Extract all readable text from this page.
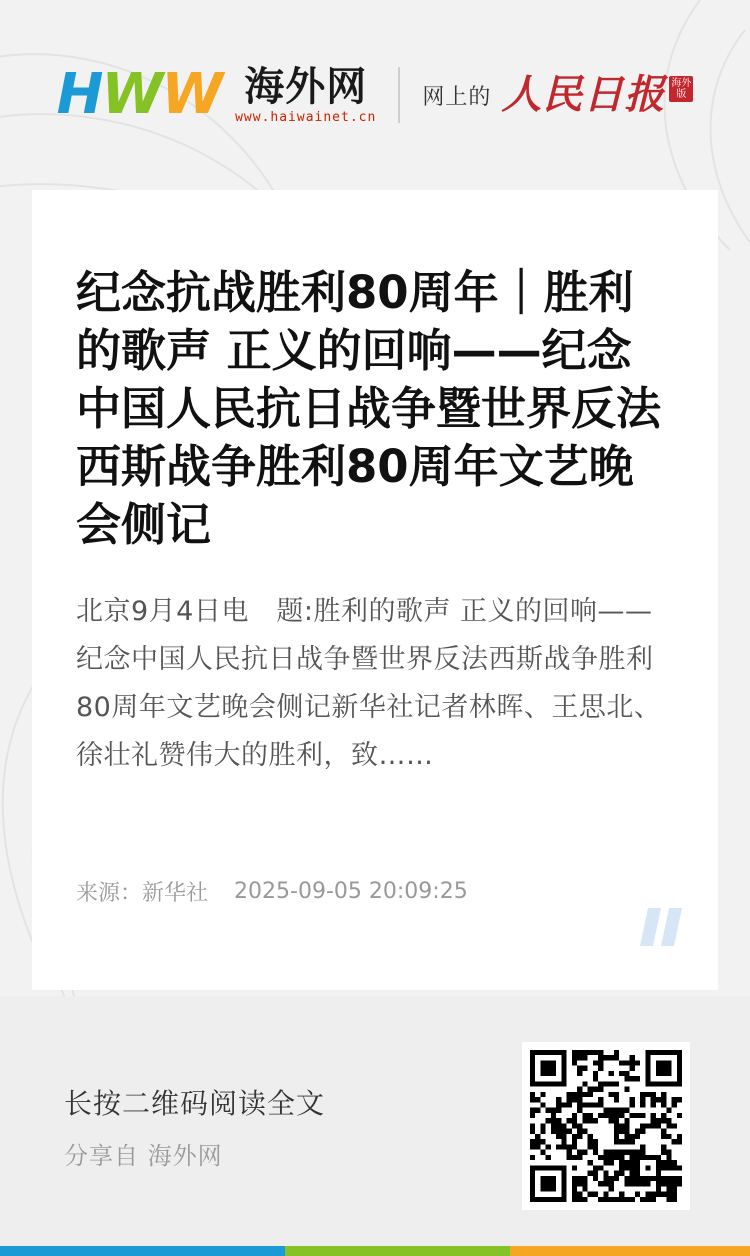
H W W 海外网
www.haiwainet.cn
网上的 人民日报 海外
版
纪念抗战胜利80周年｜胜利的歌声 正义的回响——纪念中国人民抗日战争暨世界反法西斯战争胜利80周年文艺晚会侧记

北京9月4日电　题:胜利的歌声 正义的回响——纪念中国人民抗日战争暨世界反法西斯战争胜利80周年文艺晚会侧记新华社记者林晖、王思北、徐壮礼赞伟大的胜利，致……

来源：新华社 2025-09-05 20:09:25
长按二维码阅读全文
分享自 海外网
